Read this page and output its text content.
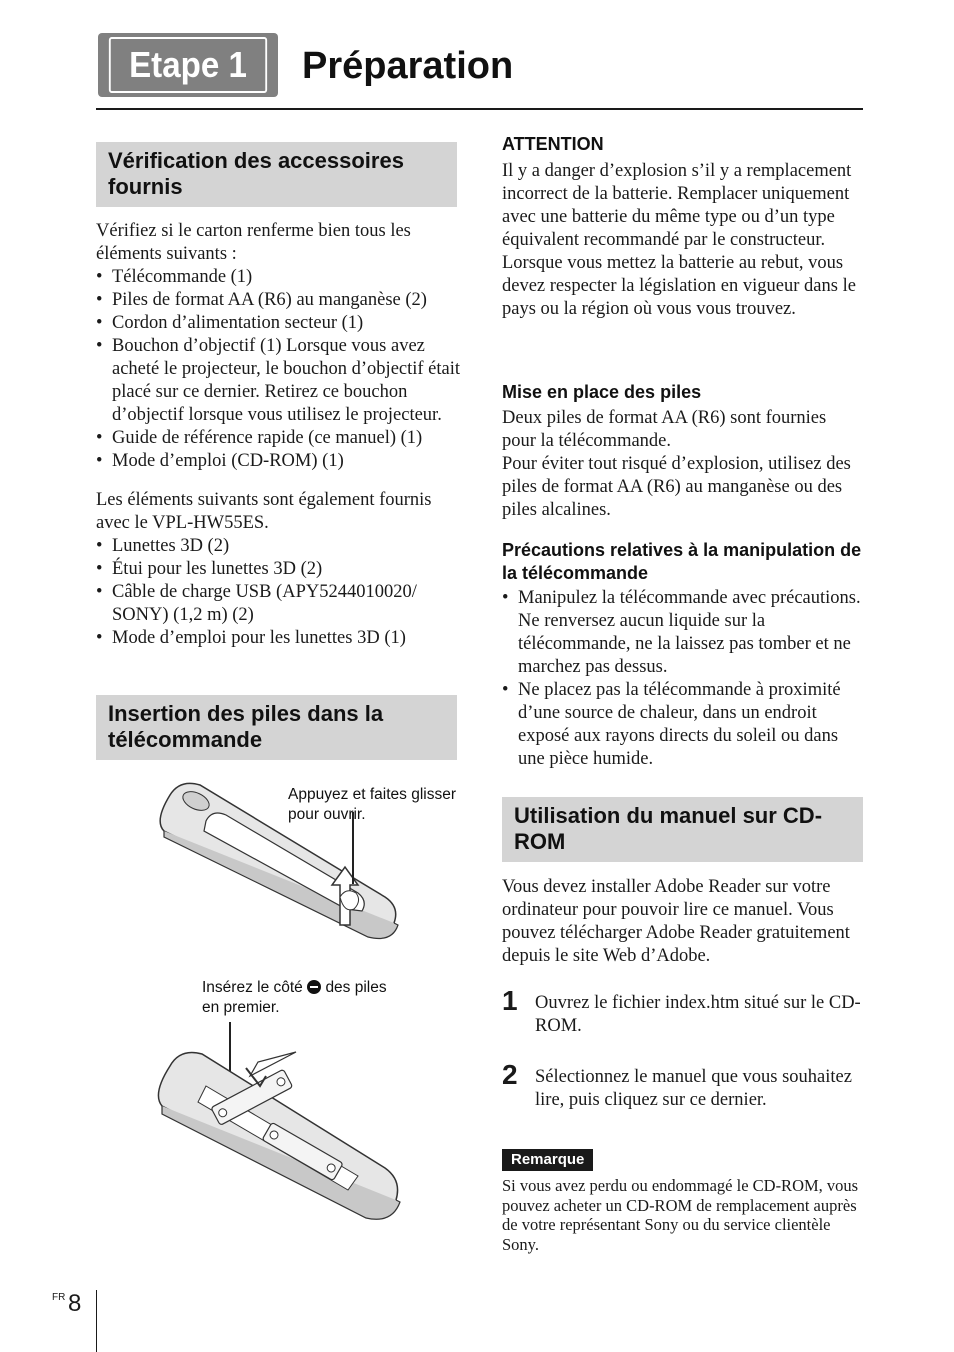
Etape 1 Préparation
Vérification des accessoires fournis

Vérifiez si le carton renferme bien tous les éléments suivants :

• Télécommande (1)
• Piles de format AA (R6) au manganèse (2)
• Cordon d’alimentation secteur (1)
• Bouchon d’objectif (1) Lorsque vous avez acheté le projecteur, le bouchon d’objectif était placé sur ce dernier. Retirez ce bouchon d’objectif lorsque vous utilisez le projecteur.
• Guide de référence rapide (ce manuel) (1)
• Mode d’emploi (CD-ROM) (1)

Les éléments suivants sont également fournis avec le VPL-HW55ES.

• Lunettes 3D (2)
• Étui pour les lunettes 3D (2)
• Câble de charge USB (APY5244010020/ SONY) (1,2 m) (2)
• Mode d’emploi pour les lunettes 3D (1)
Insertion des piles dans la télécommande
Appuyez et faites glisser pour ouvrir.
Insérez le côté des piles en premier.
ATTENTION

Il y a danger d’explosion s’il y a remplacement incorrect de la batterie. Remplacer uniquement avec une batterie du même type ou d’un type équivalent recommandé par le constructeur.

Lorsque vous mettez la batterie au rebut, vous devez respecter la législation en vigueur dans le pays ou la région où vous vous trouvez.

Mise en place des piles

Deux piles de format AA (R6) sont fournies pour la télécommande.

Pour éviter tout risqué d’explosion, utilisez des piles de format AA (R6) au manganèse ou des piles alcalines.

Précautions relatives à la manipulation de la télécommande
• Manipulez la télécommande avec précautions. Ne renversez aucun liquide sur la télécommande, ne la laissez pas tomber et ne marchez pas dessus.
• Ne placez pas la télécommande à proximité d’une source de chaleur, dans un endroit exposé aux rayons directs du soleil ou dans une pièce humide.
Utilisation du manuel sur CD-ROM
Vous devez installer Adobe Reader sur votre ordinateur pour pouvoir lire ce manuel. Vous pouvez télécharger Adobe Reader gratuitement depuis le site Web d’Adobe.
1 Ouvrez le fichier index.htm situé sur le CD-ROM.
2 Sélectionnez le manuel que vous souhaitez lire, puis cliquez sur ce dernier.
Remarque
Si vous avez perdu ou endommagé le CD-ROM, vous pouvez acheter un CD-ROM de remplacement auprès de votre représentant Sony ou du service clientèle Sony.
FR 8
